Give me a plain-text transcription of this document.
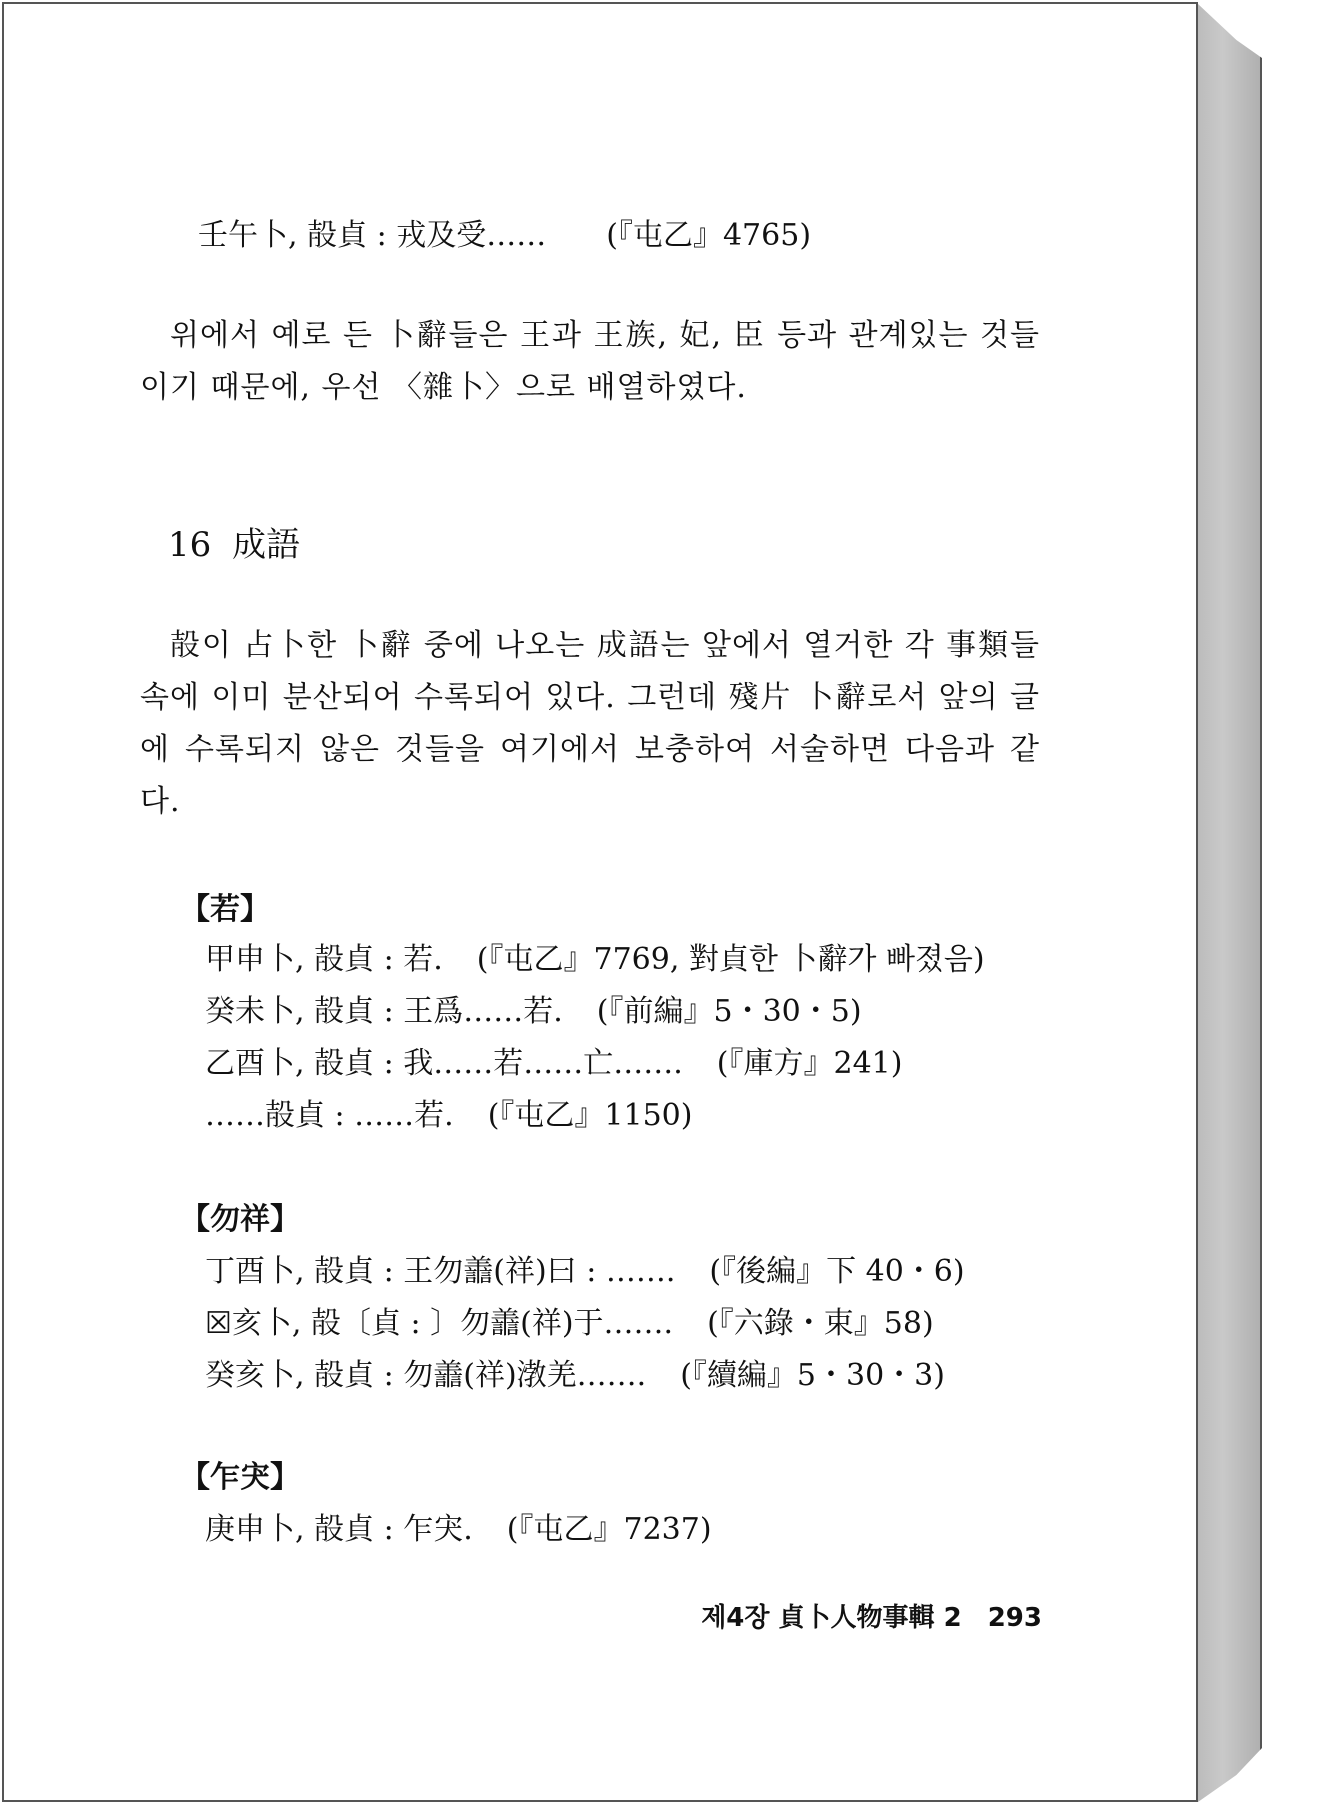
壬午卜, 㱿貞 : 戎及受…… (『屯乙』4765)

위에서 예로 든 卜辭들은 王과 王族, 妃, 臣 등과 관계있는 것들이기 때문에, 우선 〈雜卜〉으로 배열하였다.

16 成語

㱿이 占卜한 卜辭 중에 나오는 成語는 앞에서 열거한 각 事類들 속에 이미 분산되어 수록되어 있다. 그런데 殘片 卜辭로서 앞의 글에 수록되지 않은 것들을 여기에서 보충하여 서술하면 다음과 같다.

【若】
甲申卜, 㱿貞 : 若. (『屯乙』7769, 對貞한 卜辭가 빠졌음)
癸未卜, 㱿貞 : 王爲……若. (『前編』5・30・5)
乙酉卜, 㱿貞 : 我……若……亡……. (『庫方』241)
……㱿貞 : ……若. (『屯乙』1150)
【勿祥】
丁酉卜, 㱿貞 : 王勿譱(祥)曰 : ……. (『後編』下 40・6)
☒亥卜, 㱿〔貞 : 〕勿譱(祥)于……. (『六錄・束』58)
癸亥卜, 㱿貞 : 勿譱(祥)㴾羌……. (『續編』5・30・3)
【乍宊】
庚申卜, 㱿貞 : 乍宊. (『屯乙』7237)
제4장 貞卜人物事輯 2 293
